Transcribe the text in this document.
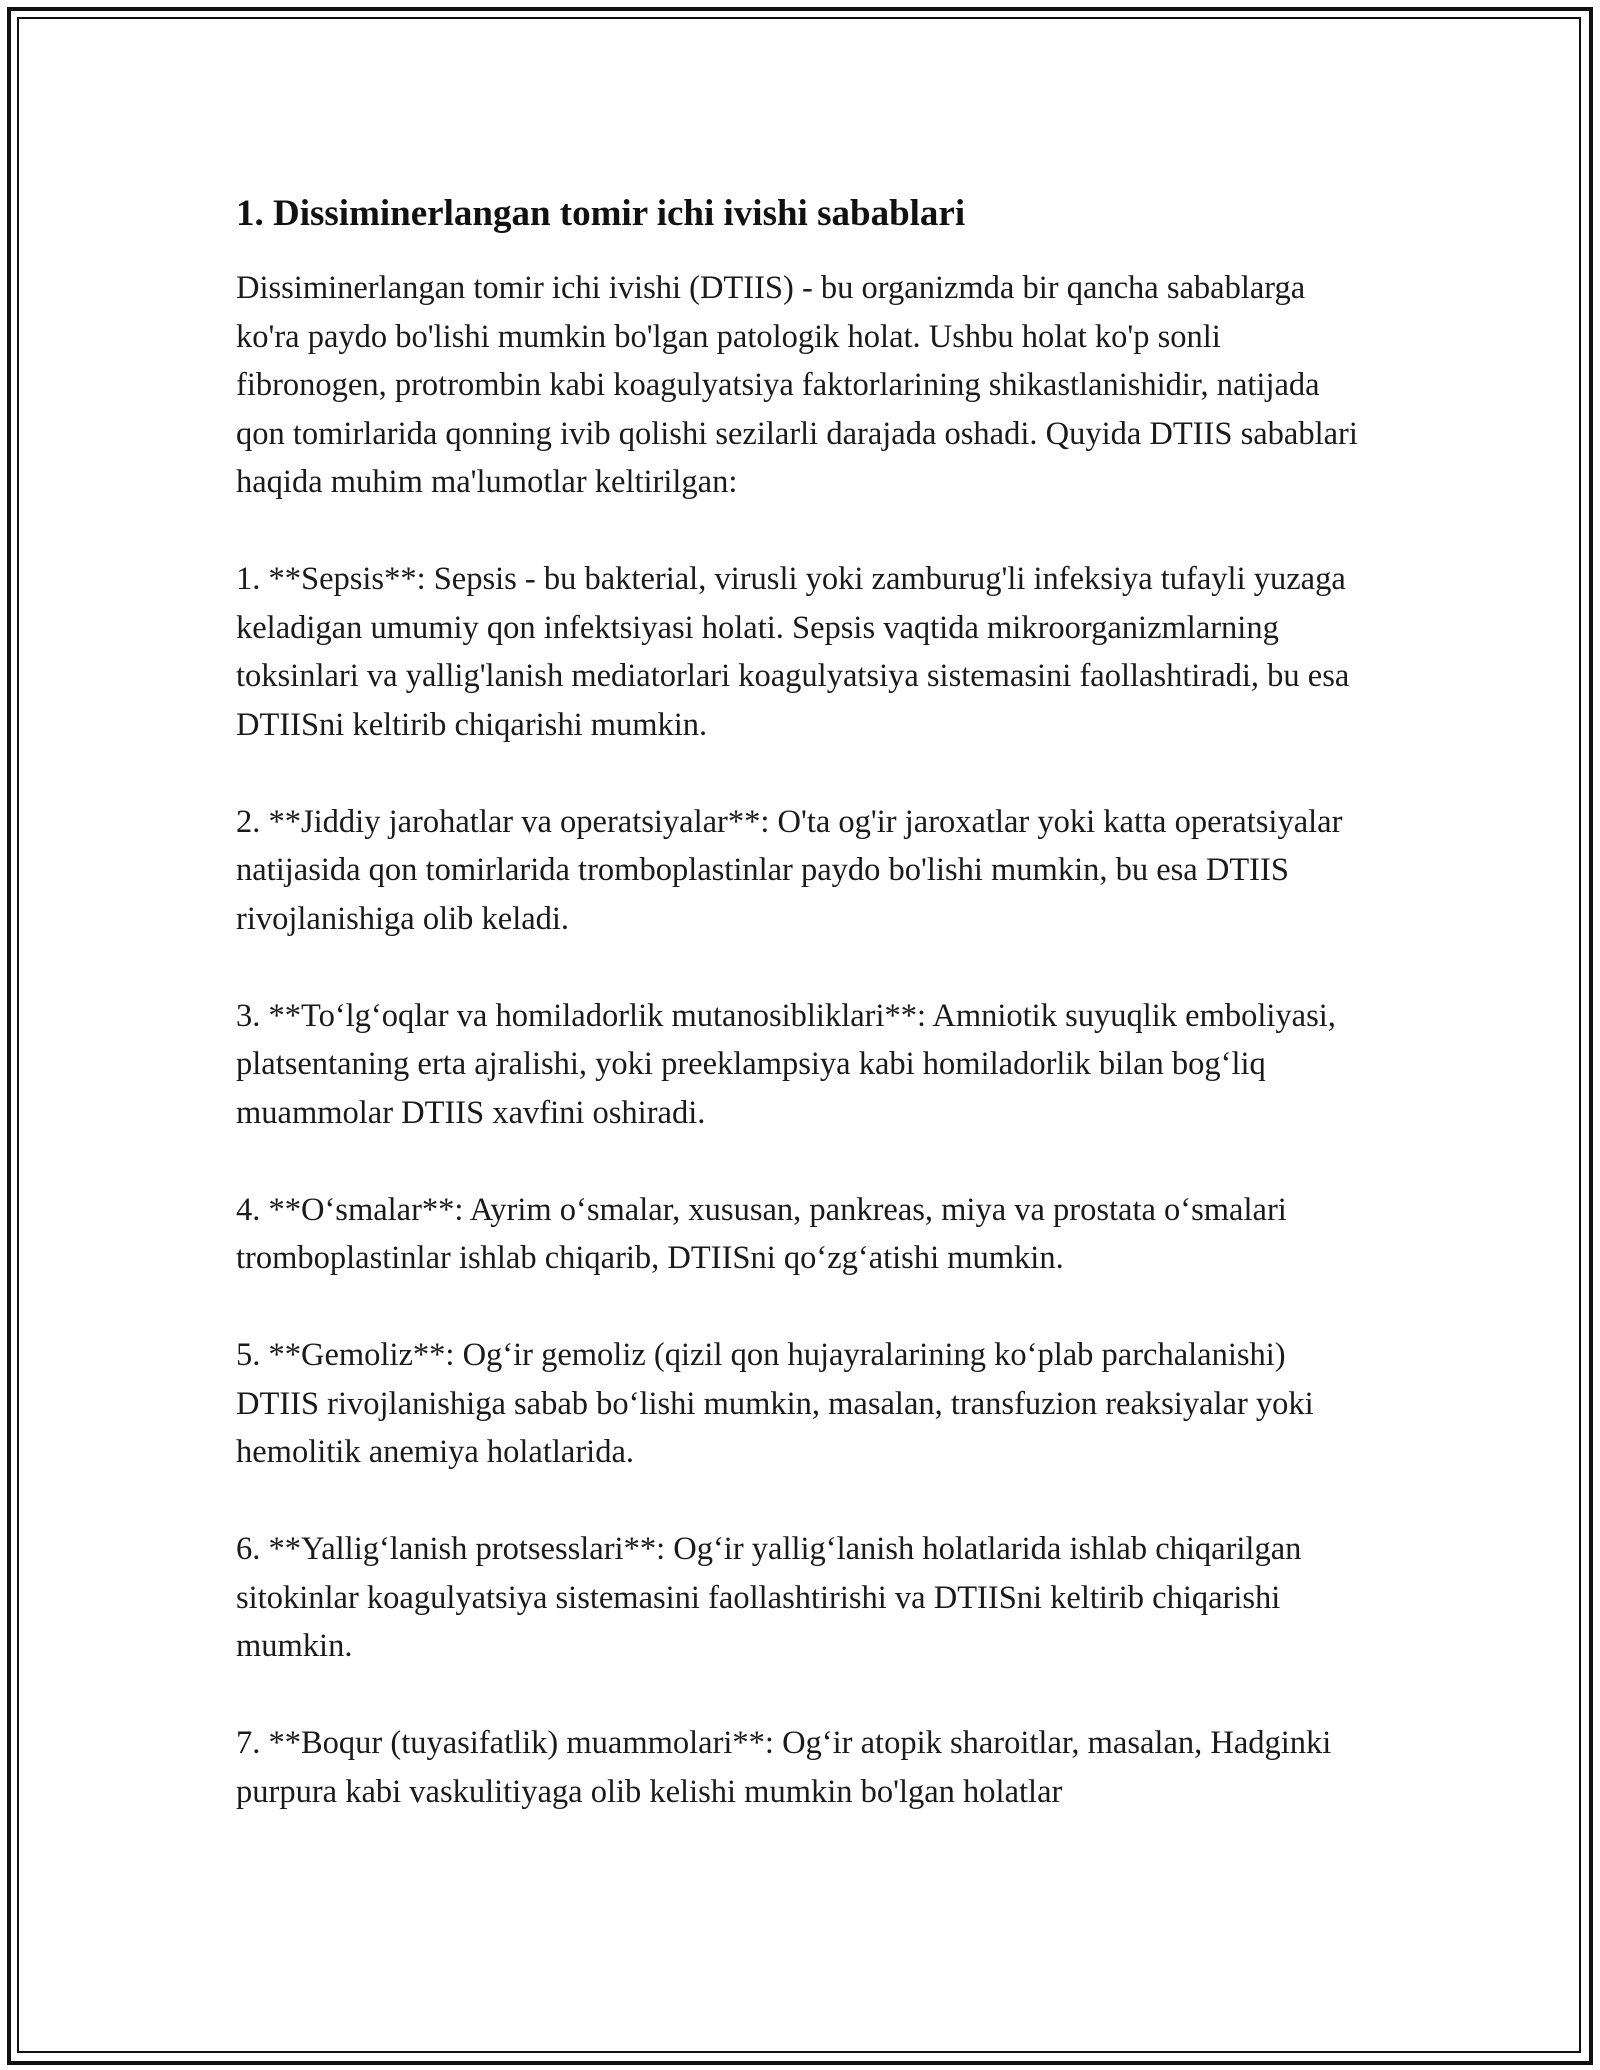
1. Dissiminerlangan tomir ichi ivishi sabablari

Dissiminerlangan tomir ichi ivishi (DTIIS) - bu organizmda bir qancha sabablarga ko'ra paydo bo'lishi mumkin bo'lgan patologik holat. Ushbu holat ko'p sonli fibronogen, protrombin kabi koagulyatsiya faktorlarining shikastlanishidir, natijada qon tomirlarida qonning ivib qolishi sezilarli darajada oshadi. Quyida DTIIS sabablari haqida muhim ma'lumotlar keltirilgan:

1. **Sepsis**: Sepsis - bu bakterial, virusli yoki zamburug'li infeksiya tufayli yuzaga keladigan umumiy qon infektsiyasi holati. Sepsis vaqtida mikroorganizmlarning toksinlari va yallig'lanish mediatorlari koagulyatsiya sistemasini faollashtiradi, bu esa DTIISni keltirib chiqarishi mumkin.

2. **Jiddiy jarohatlar va operatsiyalar**: O'ta og'ir jaroxatlar yoki katta operatsiyalar natijasida qon tomirlarida tromboplastinlar paydo bo'lishi mumkin, bu esa DTIIS rivojlanishiga olib keladi.

3. **To‘lg‘oqlar va homiladorlik mutanosibliklari**: Amniotik suyuqlik emboliyasi, platsentaning erta ajralishi, yoki preeklampsiya kabi homiladorlik bilan bog‘liq muammolar DTIIS xavfini oshiradi.

4. **O‘smalar**: Ayrim o‘smalar, xususan, pankreas, miya va prostata o‘smalari tromboplastinlar ishlab chiqarib, DTIISni qo‘zg‘atishi mumkin.

5. **Gemoliz**: Og‘ir gemoliz (qizil qon hujayralarining ko‘plab parchalanishi) DTIIS rivojlanishiga sabab bo‘lishi mumkin, masalan, transfuzion reaksiyalar yoki hemolitik anemiya holatlarida.

6. **Yallig‘lanish protsesslari**: Og‘ir yallig‘lanish holatlarida ishlab chiqarilgan sitokinlar koagulyatsiya sistemasini faollashtirishi va DTIISni keltirib chiqarishi mumkin.

7. **Boqur (tuyasifatlik) muammolari**: Og‘ir atopik sharoitlar, masalan, Hadginki purpura kabi vaskulitiyaga olib kelishi mumkin bo'lgan holatlar
